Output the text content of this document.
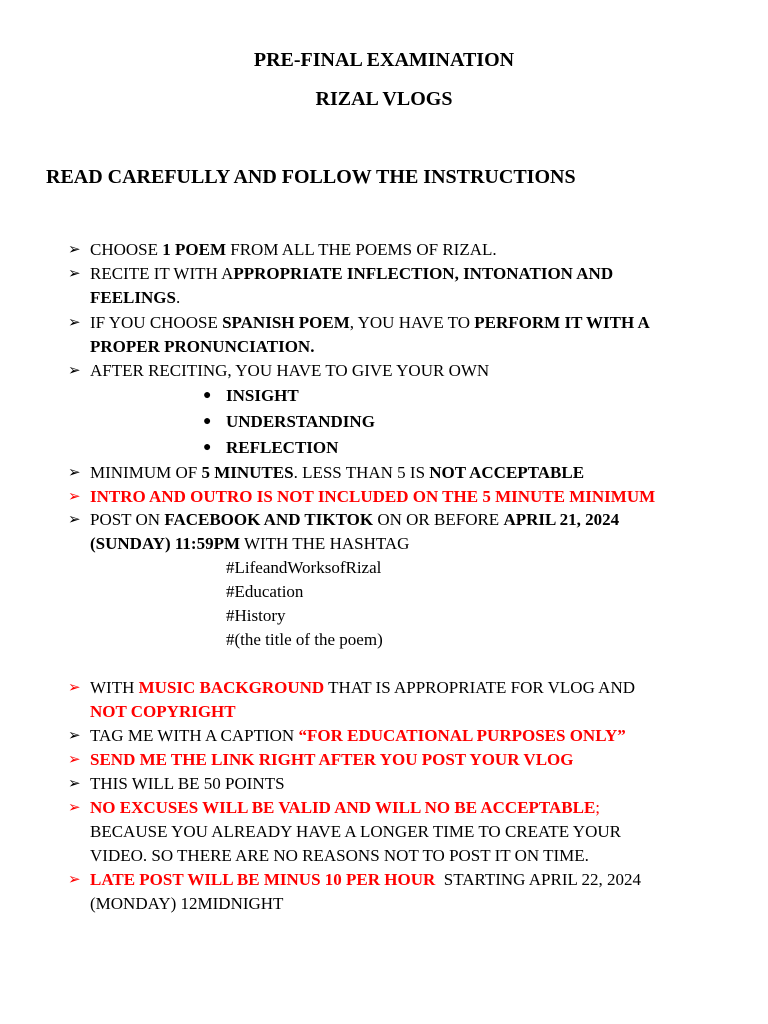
PRE-FINAL EXAMINATION
RIZAL VLOGS
READ CAREFULLY AND FOLLOW THE INSTRUCTIONS
➢ CHOOSE 1 POEM FROM ALL THE POEMS OF RIZAL.
➢ RECITE IT WITH APPROPRIATE INFLECTION, INTONATION AND
FEELINGS.
➢ IF YOU CHOOSE SPANISH POEM, YOU HAVE TO PERFORM IT WITH A
PROPER PRONUNCIATION.
➢ AFTER RECITING, YOU HAVE TO GIVE YOUR OWN
● INSIGHT
● UNDERSTANDING
● REFLECTION
➢ MINIMUM OF 5 MINUTES. LESS THAN 5 IS NOT ACCEPTABLE
➢ INTRO AND OUTRO IS NOT INCLUDED ON THE 5 MINUTE MINIMUM
➢ POST ON FACEBOOK AND TIKTOK ON OR BEFORE APRIL 21, 2024
(SUNDAY) 11:59PM WITH THE HASHTAG
#LifeandWorksofRizal
#Education
#History
#(the title of the poem)
➢ WITH MUSIC BACKGROUND THAT IS APPROPRIATE FOR VLOG AND
NOT COPYRIGHT
➢ TAG ME WITH A CAPTION “FOR EDUCATIONAL PURPOSES ONLY”
➢ SEND ME THE LINK RIGHT AFTER YOU POST YOUR VLOG
➢ THIS WILL BE 50 POINTS
➢ NO EXCUSES WILL BE VALID AND WILL NO BE ACCEPTABLE;
BECAUSE YOU ALREADY HAVE A LONGER TIME TO CREATE YOUR
VIDEO. SO THERE ARE NO REASONS NOT TO POST IT ON TIME.
➢ LATE POST WILL BE MINUS 10 PER HOUR  STARTING APRIL 22, 2024
(MONDAY) 12MIDNIGHT
